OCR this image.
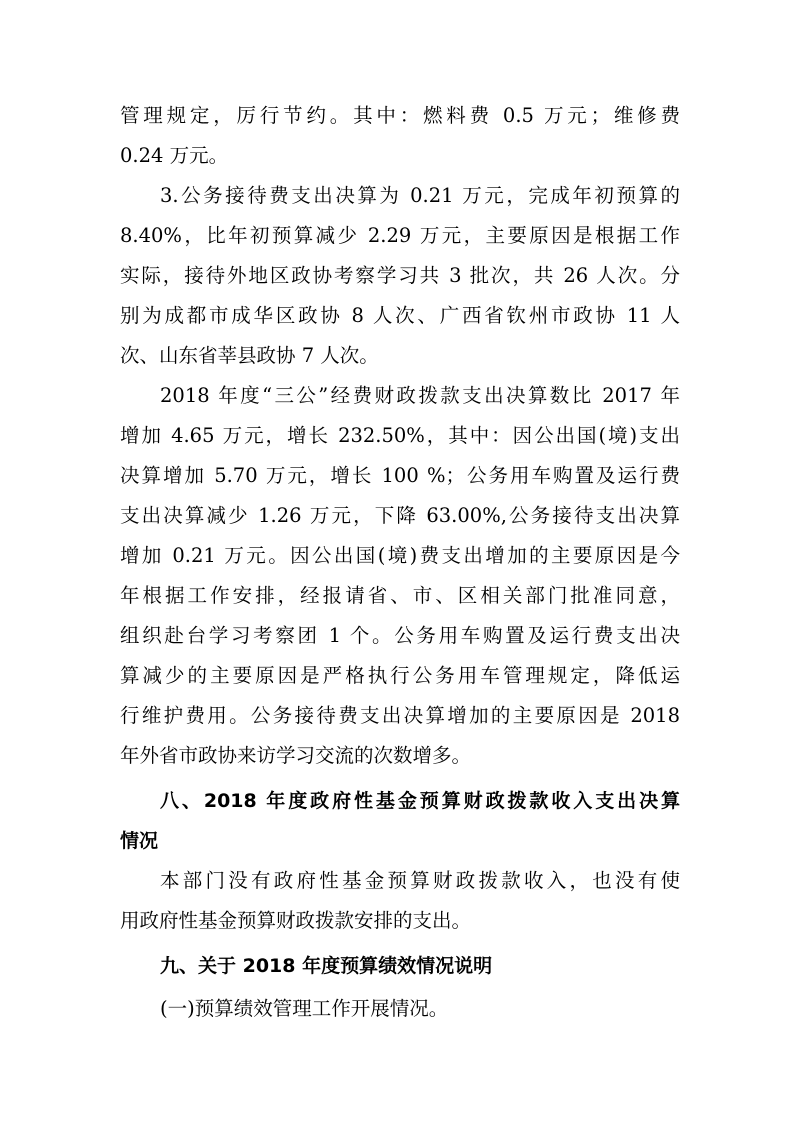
管理规定，厉行节约。其中：燃料费 0.5 万元；维修费
0.24 万元。
3.公务接待费支出决算为 0.21 万元，完成年初预算的
8.40%，比年初预算减少 2.29 万元，主要原因是根据工作
实际，接待外地区政协考察学习共 3 批次，共 26 人次。分
别为成都市成华区政协 8 人次、广西省钦州市政协 11 人
次、山东省莘县政协 7 人次。
2018 年度“三公”经费财政拨款支出决算数比 2017 年
增加 4.65 万元，增长 232.50%，其中：因公出国(境)支出
决算增加 5.70 万元，增长 100 %；公务用车购置及运行费
支出决算减少 1.26 万元，下降 63.00%,公务接待支出决算
增加 0.21 万元。因公出国(境)费支出增加的主要原因是今
年根据工作安排，经报请省、市、区相关部门批准同意，
组织赴台学习考察团 1 个。公务用车购置及运行费支出决
算减少的主要原因是严格执行公务用车管理规定，降低运
行维护费用。公务接待费支出决算增加的主要原因是 2018
年外省市政协来访学习交流的次数增多。
八、2018 年度政府性基金预算财政拨款收入支出决算
情况
本部门没有政府性基金预算财政拨款收入，也没有使
用政府性基金预算财政拨款安排的支出。
九、关于 2018 年度预算绩效情况说明
(一)预算绩效管理工作开展情况。
